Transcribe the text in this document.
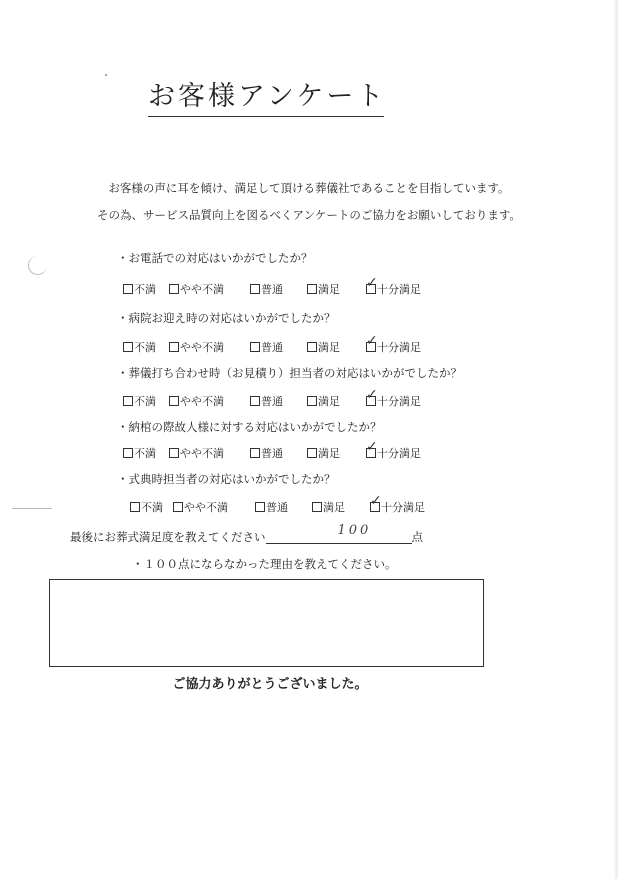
お客様アンケート
お客様の声に耳を傾け、満足して頂ける葬儀社であることを目指しています。
その為、サービス品質向上を図るべくアンケートのご協力をお願いしております。
・お電話での対応はいかがでしたか？
不満	やや不満	普通	満足 ✓ 十分満足
・病院お迎え時の対応はいかがでしたか？
不満	やや不満	普通	満足 ✓ 十分満足
・葬儀打ち合わせ時（お見積り）担当者の対応はいかがでしたか？
不満	やや不満	普通	満足 ✓ 十分満足
・納棺の際故人様に対する対応はいかがでしたか？
不満	やや不満	普通	満足 ✓ 十分満足
・式典時担当者の対応はいかがでしたか？
不満	やや不満	普通	満足 ✓ 十分満足
最後にお葬式満足度を教えてください	100	点
・１００点にならなかった理由を教えてください。
ご協力ありがとうございました。
